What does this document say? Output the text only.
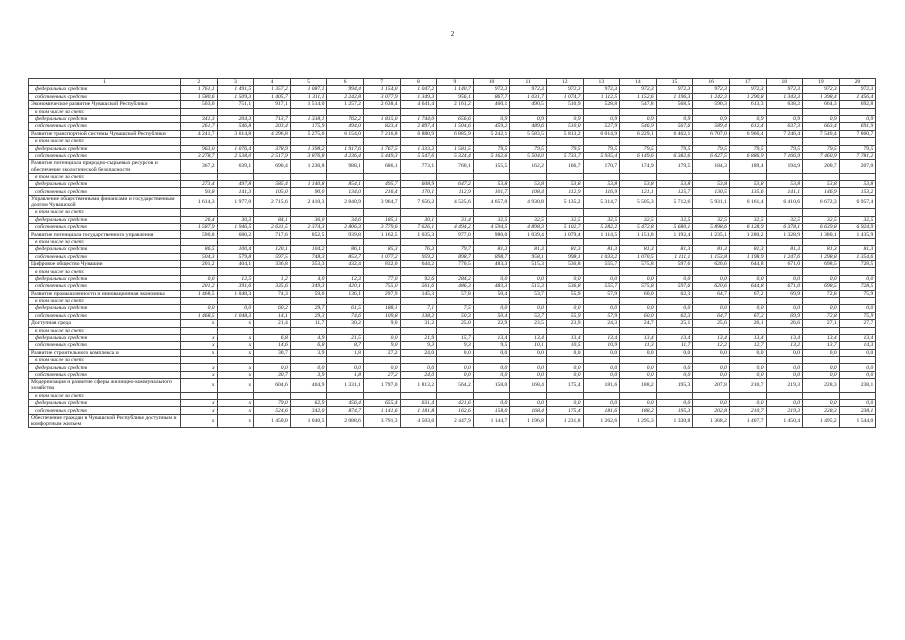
2
1	2	3	4	5	6	7	8	9	10	11	12	13	14	15	16	17	18	19	20
федеральных средств	1 761,1	1 491,5	1 357,2	1 087,1	994,4	1 154,0	1 047,2	1 140,7	972,3	972,3	972,3	972,3	972,3	972,3	972,3	972,3	972,3	972,3	972,3
собственных средств	1 580,6	1 509,3	1 405,7	1 311,1	2 242,8	3 077,9	1 349,3	956,1	867,7	1 031,7	1 074,7	1 112,5	1 152,6	1 196,3	1 242,3	1 290,8	1 343,3	1 398,4	1 456,4
Экономическое развитие Чувашской Республики	503,0	751,1	917,1	1 514,0	1 257,2	2 638,4	4 641,4	2 161,2	460,1	490,5	510,9	528,8	547,8	568,5	590,3	613,3	638,2	664,3	692,8
в том числе за счет:																			
федеральных средств	341,3	204,3	713,7	1 338,1	762,2	1 815,0	1 744,0	656,6	0,9	0,9	0,9	0,9	0,9	0,9	0,9	0,9	0,9	0,9	0,9
собственных средств	261,7	546,8	203,4	175,9	494,0	823,4	2 897,4	1 504,6	459,2	489,6	510,0	527,9	546,9	567,6	589,4	612,4	637,3	663,4	691,9
Развитие транспортной системы Чувашской Республики	4 241,7	3 614,8	4 296,8	5 275,0	6 154,0	7 216,8	6 880,9	6 885,9	5 242,1	5 583,5	5 813,2	6 014,9	6 229,1	6 462,1	6 707,0	6 966,4	7 246,4	7 540,4	7 860,7
в том числе за счет:																			
федеральных средств	963,0	1 076,4	378,9	1 398,2	1 917,6	1 767,5	1 333,3	1 581,5	79,5	79,5	79,5	79,5	79,5	79,5	79,5	79,5	79,5	79,5	79,5
собственных средств	3 278,7	2 538,0	2 517,9	3 876,8	4 236,4	5 449,3	5 547,6	5 324,4	5 162,6	5 504,0	5 733,7	5 935,4	6 149,6	6 382,6	6 627,5	6 886,9	7 166,9	7 460,9	7 781,2
Развитие потенциала природно-сырьевых ресурсов и обеспечение экологической безопасности	367,2	639,1	690,4	1 230,8	988,1	686,1	773,1	760,1	155,5	162,2	166,7	170,7	174,9	179,5	184,3	189,4	194,9	200,7	207,0
в том числе за счет:																			
федеральных средств	273,4	497,8	585,4	1 140,8	854,1	495,7	608,9	647,2	53,8	53,8	53,8	53,8	53,8	53,8	53,8	53,8	53,8	53,8	53,8
собственных средств	93,8	141,3	105,0	90,0	134,0	216,4	170,1	112,9	101,7	108,4	112,9	116,9	121,1	125,7	130,5	135,6	141,1	146,9	153,2
Управление общественными финансами и государственным долгом Чувашской	1 614,3	1 977,0	2 715,6	2 410,3	2 840,9	3 964,7	7 656,2	4 525,6	4 657,0	4 930,8	5 135,2	5 314,7	5 505,3	5 712,6	5 931,1	6 161,4	6 410,6	6 672,3	6 957,4
в том числе за счет:																			
федеральных средств	26,4	30,3	84,1	36,0	34,6	185,1	30,1	31,4	32,5	32,5	32,5	32,5	32,5	32,5	32,5	32,5	32,5	32,5	32,5
собственных средств	1 587,9	1 946,5	2 631,5	2 374,3	2 806,3	3 779,6	7 626,1	4 494,2	4 594,5	4 898,3	5 102,7	5 282,2	5 472,8	5 680,1	5 898,6	6 128,9	6 378,1	6 639,8	6 924,9
Развитие потенциала государственного управления	590,8	680,2	717,6	852,5	939,8	1 162,5	1 035,3	977,0	980,0	1 039,4	1 079,4	1 114,5	1 151,8	1 192,4	1 235,1	1 280,2	1 328,9	1 380,1	1 435,9
в том числе за счет:																			
федеральных средств	86,5	100,4	120,1	104,2	86,1	85,3	76,3	79,7	81,3	81,3	81,3	81,3	81,3	81,3	81,3	81,3	81,3	81,3	81,3
собственных средств	504,3	579,8	597,5	748,3	853,7	1 077,2	959,2	898,7	898,7	958,1	998,1	1 033,2	1 070,5	1 111,1	1 153,8	1 198,9	1 247,6	1 298,8	1 354,6
Цифровое общество Чувашии	201,2	404,1	336,8	353,3	432,4	832,0	644,2	770,5	483,3	515,3	536,8	555,7	575,8	597,6	620,6	644,8	671,0	698,5	728,5
в том числе за счет:																			
федеральных средств	0,0	12,5	1,2	4,0	12,3	77,0	92,6	284,2	0,0	0,0	0,0	0,0	0,0	0,0	0,0	0,0	0,0	0,0	0,0
собственных средств	201,2	391,6	335,6	349,3	420,1	755,0	561,6	486,3	483,3	515,3	536,8	555,7	575,8	597,6	620,6	644,8	671,0	698,5	728,5
Развитие промышленности и инновационная экономика	1 468,5	1 048,3	74,3	59,0	136,1	297,9	145,3	57,8	50,4	53,7	55,9	57,9	60,0	62,3	64,7	67,2	69,9	72,8	75,9
в том числе за счет:																			
федеральных средств	0,0	0,0	60,2	29,7	61,5	188,1	7,1	7,5	0,0	0,0	0,0	0,0	0,0	0,0	0,0	0,0	0,0	0,0	0,0
собственных средств	1 468,5	1 048,3	14,1	29,3	74,6	109,8	138,2	50,3	50,4	53,7	55,9	57,9	60,0	62,3	64,7	67,2	69,9	72,8	75,9
Доступная среда	x	x	21,4	11,7	30,2	9,0	31,2	25,0	22,9	23,5	23,9	24,3	24,7	25,1	25,6	26,1	26,6	27,1	27,7
в том числе за счет:																			
федеральных средств	x	x	6,8	4,9	21,5	0,0	21,9	15,7	13,4	13,4	13,4	13,4	13,4	13,4	13,4	13,4	13,4	13,4	13,4
собственных средств	x	x	14,6	6,8	8,7	9,0	9,3	9,3	9,5	10,1	10,5	10,9	11,3	11,7	12,2	12,7	13,2	13,7	14,3
Развитие строительного комплекса и	x	x	30,7	3,9	1,8	27,2	24,0	0,0	0,0	0,0	0,0	0,0	0,0	0,0	0,0	0,0	0,0	0,0	0,0
в том числе за счет:																			
федеральных средств	x	x	0,0	0,0	0,0	0,0	0,0	0,0	0,0	0,0	0,0	0,0	0,0	0,0	0,0	0,0	0,0	0,0	0,0
собственных средств	x	x	30,7	3,9	1,8	27,2	24,0	0,0	0,0	0,0	0,0	0,0	0,0	0,0	0,0	0,0	0,0	0,0	0,0
Модернизация и развитие сферы жилищно-коммунального хозяйства	x	x	604,6	404,9	1 331,1	1 797,0	1 813,2	564,2	158,0	168,4	175,4	181,6	188,2	195,3	207,8	210,7	219,3	228,3	238,1
в том числе за счет:																			
федеральных средств	x	x	79,0	62,9	456,4	655,4	631,4	421,6	0,0	0,0	0,0	0,0	0,0	0,0	0,0	0,0	0,0	0,0	0,0
собственных средств	x	x	524,6	342,0	874,7	1 141,6	1 181,8	162,6	158,0	168,4	175,4	181,6	188,2	195,3	202,8	210,7	219,3	228,3	238,1
Обеспечение граждан в Чувашской Республике доступным и комфортным жильем	x	x	1 450,0	1 040,5	2 088,6	3 791,3	4 503,6	2 447,9	1 144,7	1 196,8	1 231,8	1 262,6	1 295,3	1 330,8	1 368,2	1 407,7	1 450,4	1 495,2	1 544,0
